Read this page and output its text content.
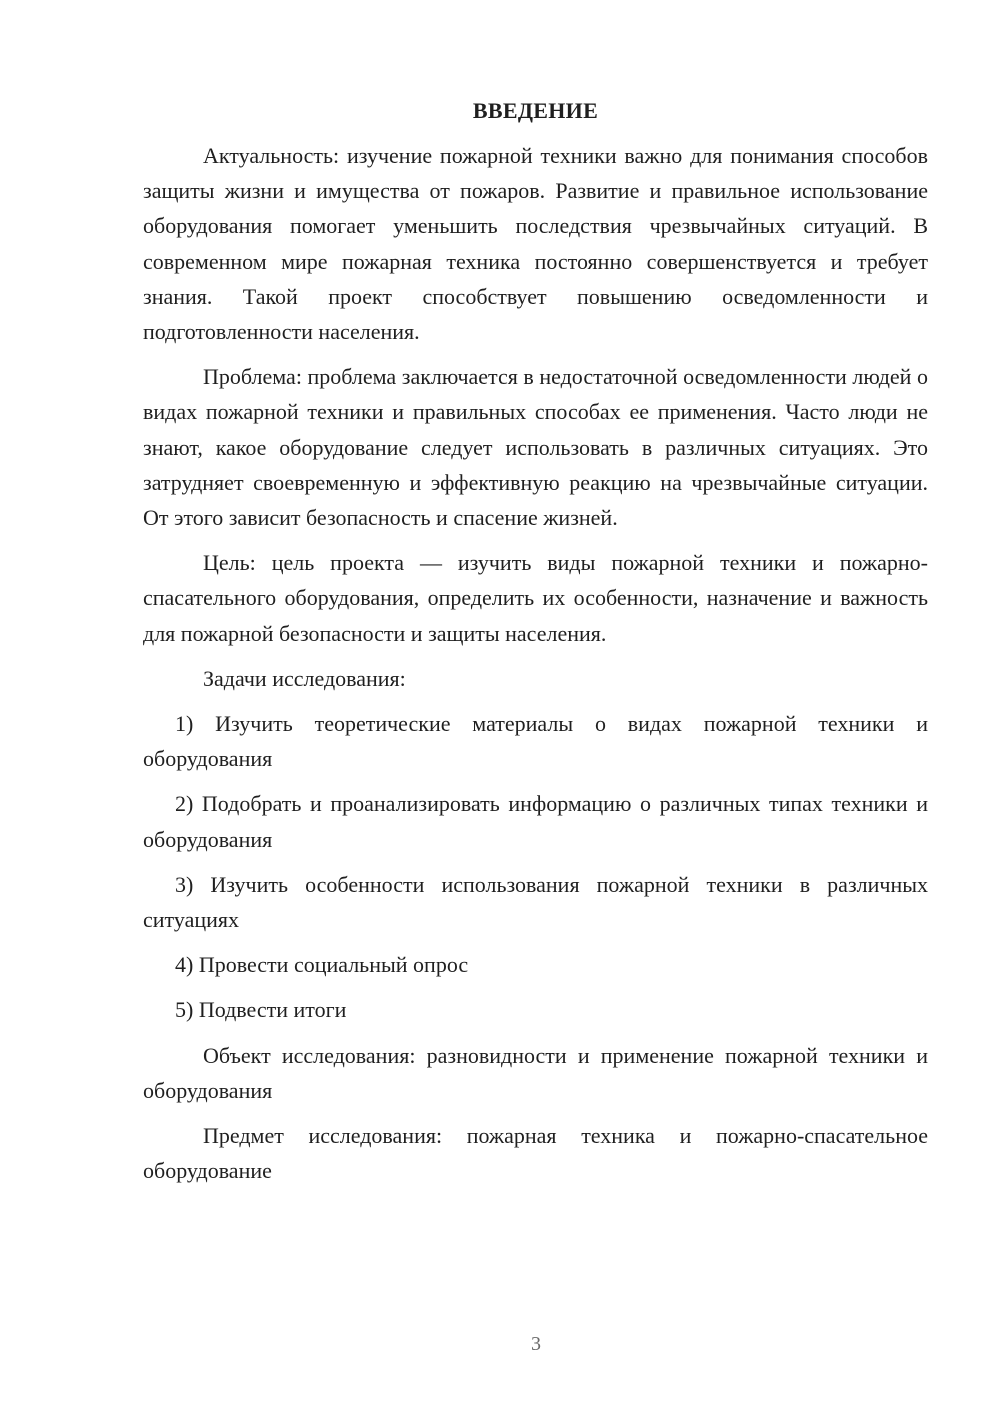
ВВЕДЕНИЕ

Актуальность: изучение пожарной техники важно для понимания способов защиты жизни и имущества от пожаров. Развитие и правильное использование оборудования помогает уменьшить последствия чрезвычайных ситуаций. В современном мире пожарная техника постоянно совершенствуется и требует знания. Такой проект способствует повышению осведомленности и подготовленности населения.

Проблема: проблема заключается в недостаточной осведомленности людей о видах пожарной техники и правильных способах ее применения. Часто люди не знают, какое оборудование следует использовать в различных ситуациях. Это затрудняет своевременную и эффективную реакцию на чрезвычайные ситуации. От этого зависит безопасность и спасение жизней.

Цель: цель проекта — изучить виды пожарной техники и пожарно-спасательного оборудования, определить их особенности, назначение и важность для пожарной безопасности и защиты населения.

Задачи исследования:

1) Изучить теоретические материалы о видах пожарной техники и оборудования

2) Подобрать и проанализировать информацию о различных типах техники и оборудования

3) Изучить особенности использования пожарной техники в различных ситуациях

4) Провести социальный опрос

5) Подвести итоги

Объект исследования: разновидности и применение пожарной техники и оборудования

Предмет исследования: пожарная техника и пожарно-спасательное оборудование

3
